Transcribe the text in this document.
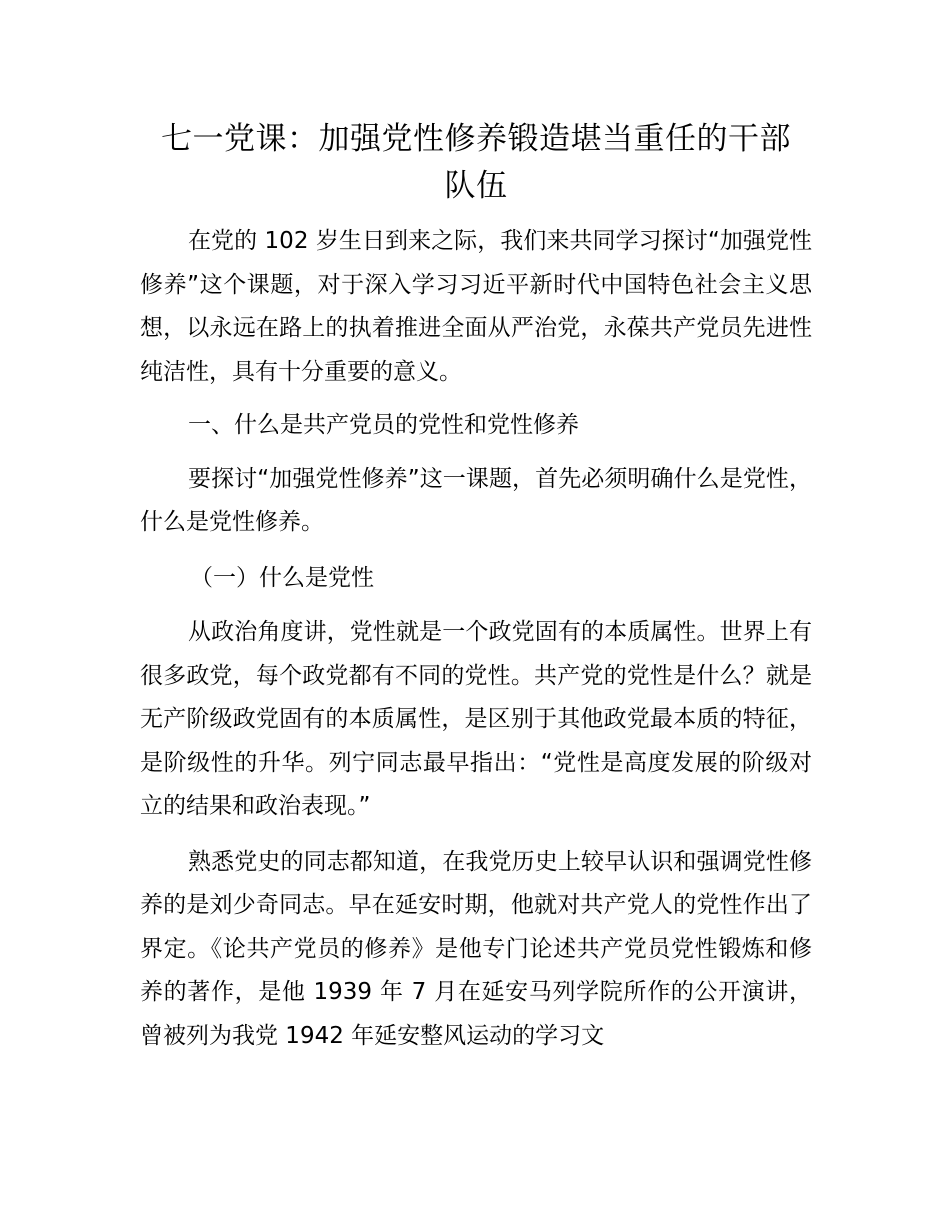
七一党课：加强党性修养锻造堪当重任的干部
队伍

在党的 102 岁生日到来之际，我们来共同学习探讨“加强党性修养”这个课题，对于深入学习习近平新时代中国特色社会主义思想，以永远在路上的执着推进全面从严治党，永葆共产党员先进性纯洁性，具有十分重要的意义。

一、什么是共产党员的党性和党性修养

要探讨“加强党性修养”这一课题，首先必须明确什么是党性，什么是党性修养。

（一）什么是党性

从政治角度讲，党性就是一个政党固有的本质属性。世界上有很多政党，每个政党都有不同的党性。共产党的党性是什么？就是无产阶级政党固有的本质属性，是区别于其他政党最本质的特征，是阶级性的升华。列宁同志最早指出：“党性是高度发展的阶级对立的结果和政治表现。”

熟悉党史的同志都知道，在我党历史上较早认识和强调党性修养的是刘少奇同志。早在延安时期，他就对共产党人的党性作出了界定。《论共产党员的修养》是他专门论述共产党员党性锻炼和修养的著作，是他 1939 年 7 月在延安马列学院所作的公开演讲，曾被列为我党 1942 年延安整风运动的学习文
